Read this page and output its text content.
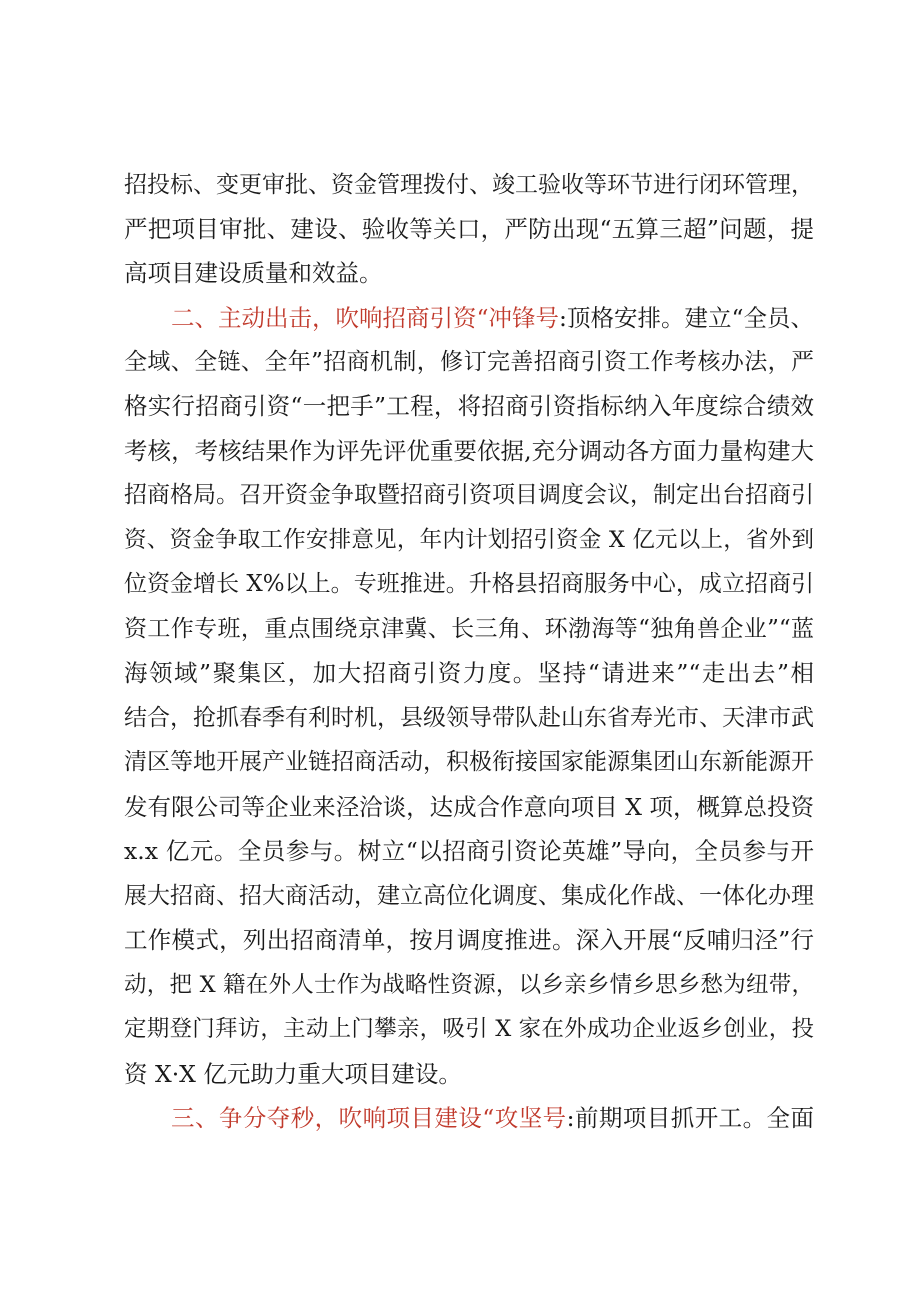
招投标、变更审批、资金管理拨付、竣工验收等环节进行闭环管理，
严把项目审批、建设、验收等关口，严防出现“五算三超”问题，提
高项目建设质量和效益。
二、主动出击，吹响招商引资“冲锋号:顶格安排。建立“全员、
全域、全链、全年”招商机制，修订完善招商引资工作考核办法，严
格实行招商引资“一把手”工程，将招商引资指标纳入年度综合绩效
考核，考核结果作为评先评优重要依据,充分调动各方面力量构建大
招商格局。召开资金争取暨招商引资项目调度会议，制定出台招商引
资、资金争取工作安排意见，年内计划招引资金 X 亿元以上，省外到
位资金增长 X%以上。专班推进。升格县招商服务中心，成立招商引
资工作专班，重点围绕京津冀、长三角、环渤海等“独角兽企业”“蓝
海领域”聚集区，加大招商引资力度。坚持“请进来”“走出去”相
结合，抢抓春季有利时机，县级领导带队赴山东省寿光市、天津市武
清区等地开展产业链招商活动，积极衔接国家能源集团山东新能源开
发有限公司等企业来泾洽谈，达成合作意向项目 X 项，概算总投资
x.x 亿元。全员参与。树立“以招商引资论英雄”导向，全员参与开
展大招商、招大商活动，建立高位化调度、集成化作战、一体化办理
工作模式，列出招商清单，按月调度推进。深入开展“反哺归泾”行
动，把 X 籍在外人士作为战略性资源，以乡亲乡情乡思乡愁为纽带，
定期登门拜访，主动上门攀亲，吸引 X 家在外成功企业返乡创业，投
资 X·X 亿元助力重大项目建设。
三、争分夺秒，吹响项目建设“攻坚号:前期项目抓开工。全面
